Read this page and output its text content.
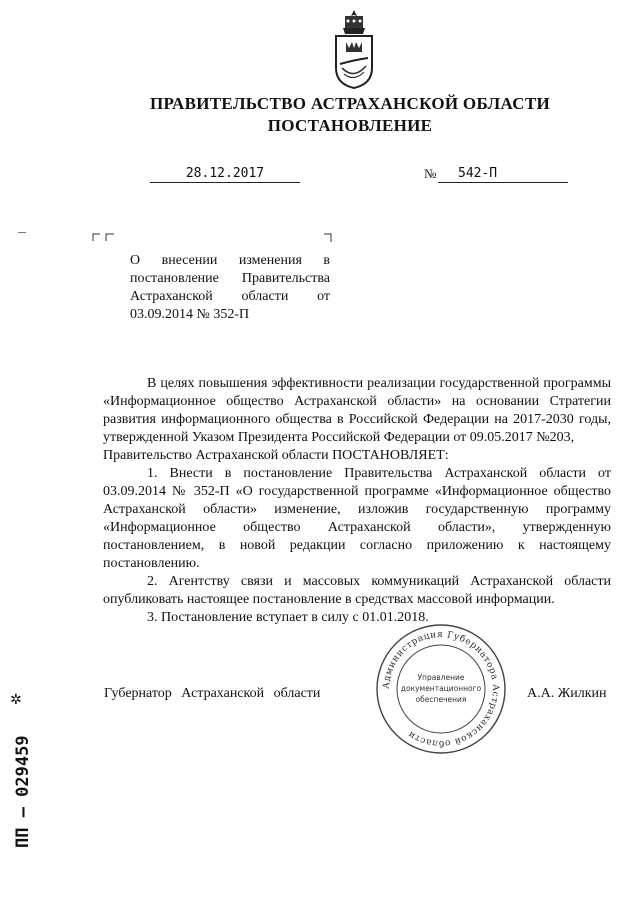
ПРАВИТЕЛЬСТВО АСТРАХАНСКОЙ ОБЛАСТИ
ПОСТАНОВЛЕНИЕ
28.12.2017	№	542-П
О внесении изменения в постановление Правительства Астраханской области от 03.09.2014 № 352-П

В целях повышения эффективности реализации государственной программы «Информационное общество Астраханской области» на основании Стратегии развития информационного общества в Российской Федерации на 2017-2030 годы, утвержденной Указом Президента Российской Федерации от 09.05.2017 №203,

Правительство Астраханской области ПОСТАНОВЛЯЕТ:

1. Внести в постановление Правительства Астраханской области от 03.09.2014 № 352-П «О государственной программе «Информационное общество Астраханской области» изменение, изложив государственную программу «Информационное общество Астраханской области», утвержденную постановлением, в новой редакции согласно приложению к настоящему постановлению.

2. Агентству связи и массовых коммуникаций Астраханской области опубликовать настоящее постановление в средствах массовой информации.

3. Постановление вступает в силу с 01.01.2018.

Администрация Губернатора Астраханской области
Управление
документационного
обеспечения
Губернатор Астраханской области	А.А. Жилкин
ПП – 029459
✲
